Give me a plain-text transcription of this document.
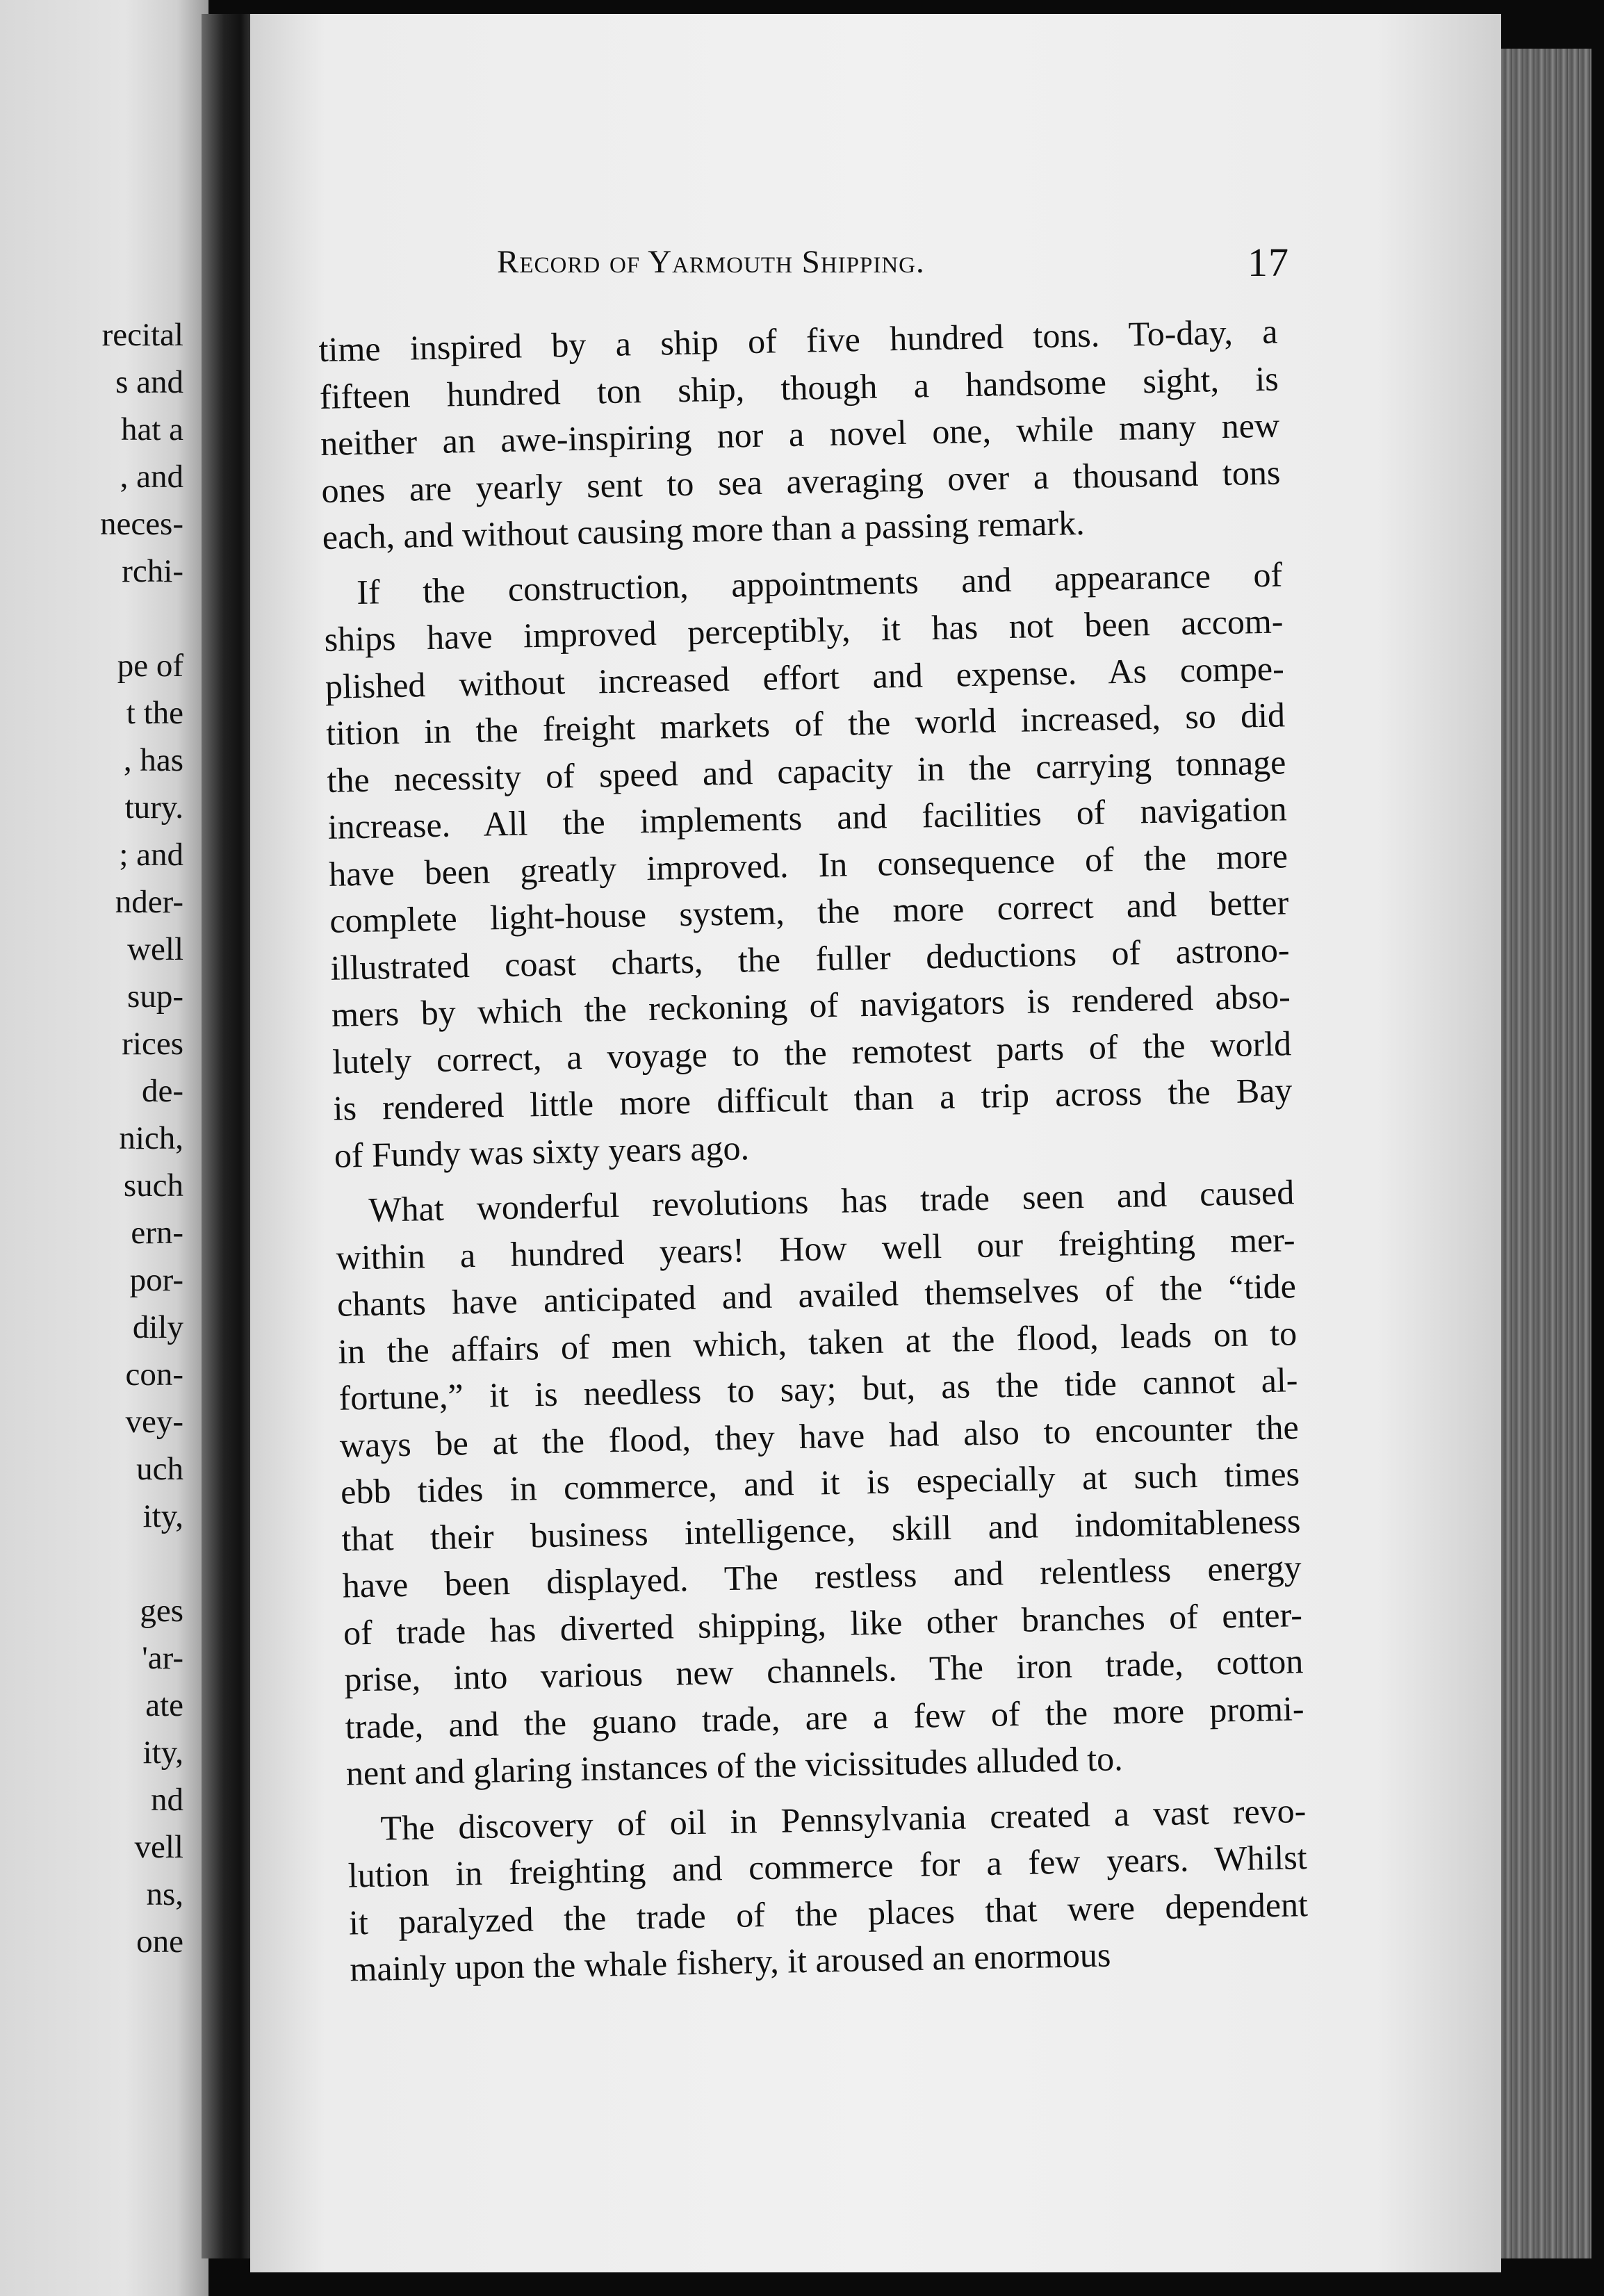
recital
s and
hat a
, and
neces-
rchi-

pe of
t the
, has
tury.
; and
nder-
well
sup-
rices
de-
nich,
such
ern-
por-
dily
con-
vey-
uch
ity,

ges
'ar-
ate
ity,
nd
vell
ns,
one
Record of Yarmouth Shipping.	17

time inspired by a ship of five hundred tons. To-day, a
fifteen hundred ton ship, though a handsome sight, is
neither an awe-inspiring nor a novel one, while many new
ones are yearly sent to sea averaging over a thousand tons
each, and without causing more than a passing remark.

If the construction, appointments and appearance of
ships have improved perceptibly, it has not been accom-
plished without increased effort and expense. As compe-
tition in the freight markets of the world increased, so did
the necessity of speed and capacity in the carrying tonnage
increase. All the implements and facilities of navigation
have been greatly improved. In consequence of the more
complete light-house system, the more correct and better
illustrated coast charts, the fuller deductions of astrono-
mers by which the reckoning of navigators is rendered abso-
lutely correct, a voyage to the remotest parts of the world
is rendered little more difficult than a trip across the Bay
of Fundy was sixty years ago.

What wonderful revolutions has trade seen and caused
within a hundred years! How well our freighting mer-
chants have anticipated and availed themselves of the “tide
in the affairs of men which, taken at the flood, leads on to
fortune,” it is needless to say; but, as the tide cannot al-
ways be at the flood, they have had also to encounter the
ebb tides in commerce, and it is especially at such times
that their business intelligence, skill and indomitableness
have been displayed. The restless and relentless energy
of trade has diverted shipping, like other branches of enter-
prise, into various new channels. The iron trade, cotton
trade, and the guano trade, are a few of the more promi-
nent and glaring instances of the vicissitudes alluded to.

The discovery of oil in Pennsylvania created a vast revo-
lution in freighting and commerce for a few years. Whilst
it paralyzed the trade of the places that were dependent
mainly upon the whale fishery, it aroused an enormous
